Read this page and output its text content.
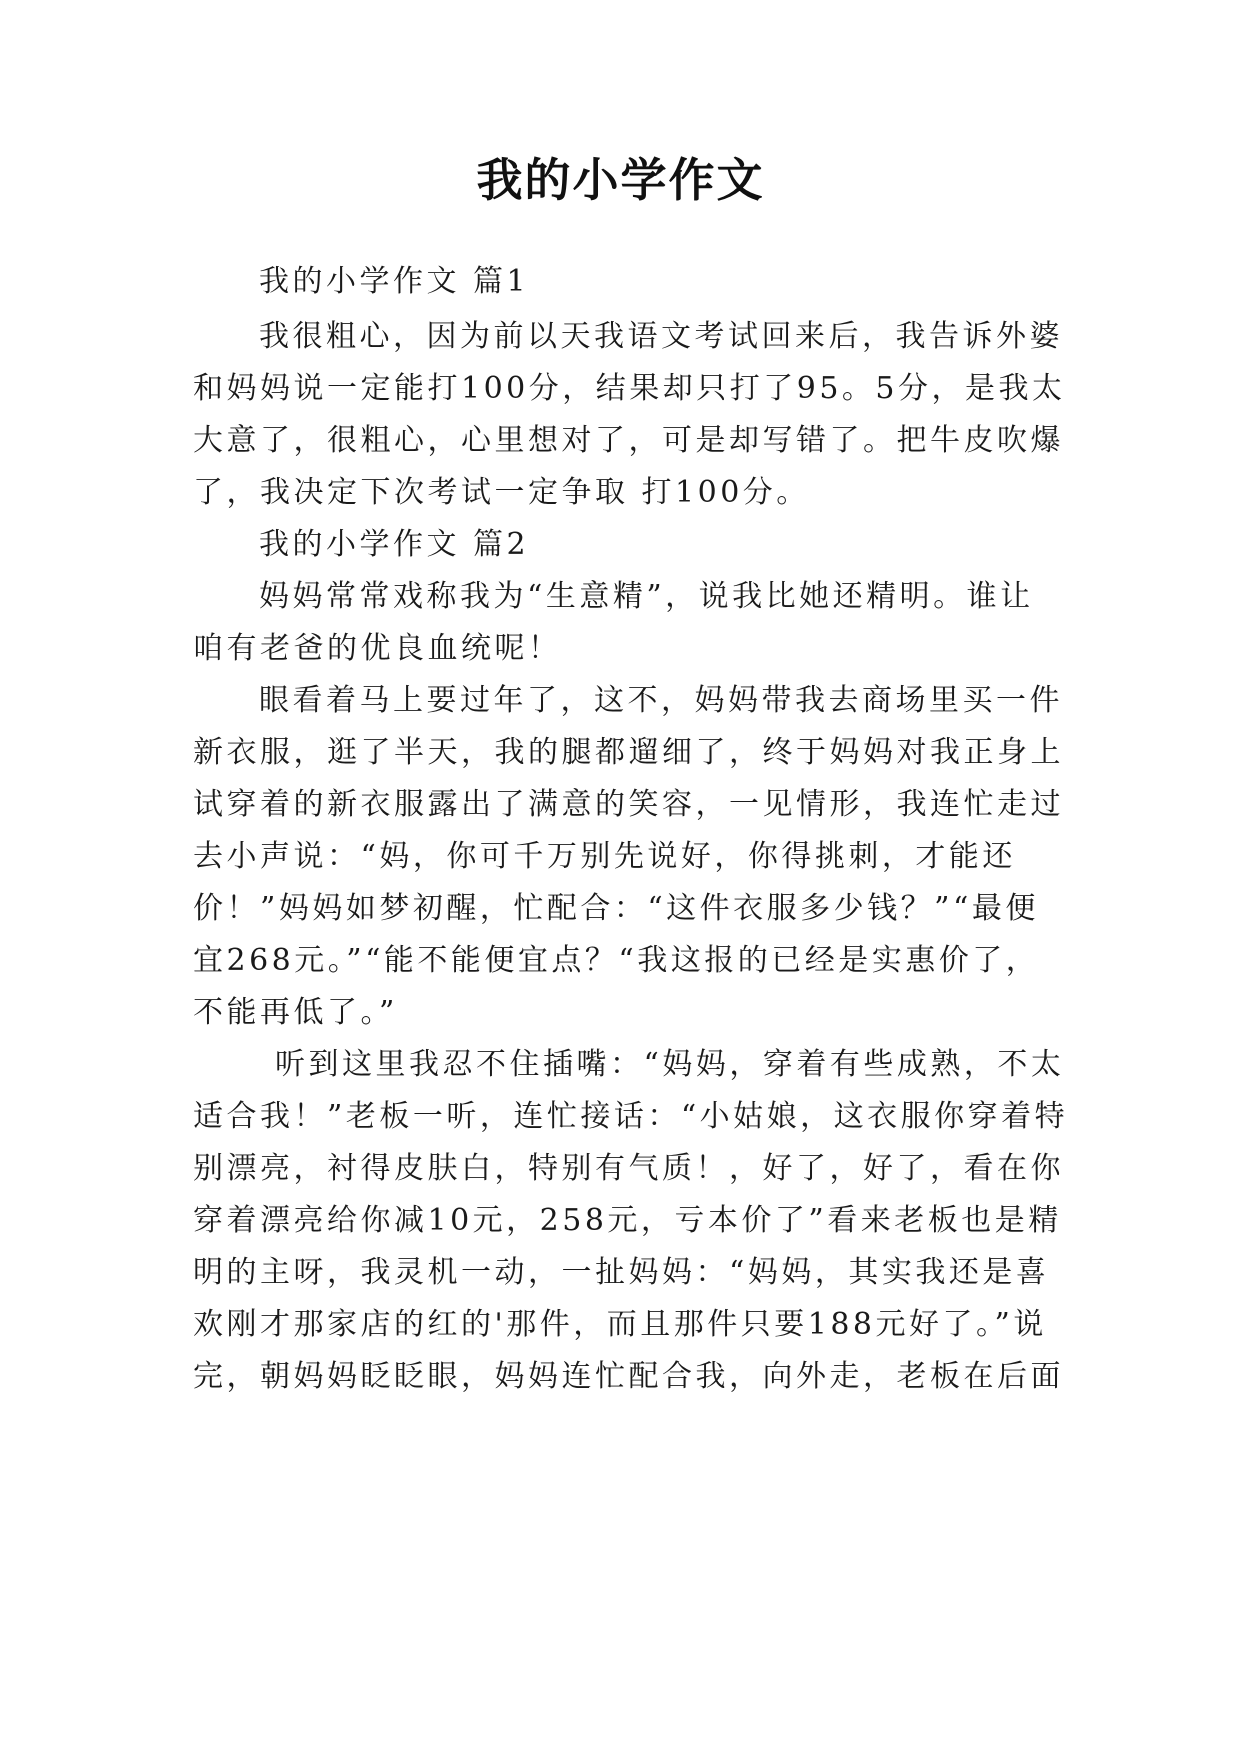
我的小学作文
我的小学作文 篇1
我很粗心，因为前以天我语文考试回来后，我告诉外婆
和妈妈说一定能打100分，结果却只打了95。5分，是我太
大意了，很粗心，心里想对了，可是却写错了。把牛皮吹爆
了，我决定下次考试一定争取 打100分。
我的小学作文 篇2
妈妈常常戏称我为“生意精”，说我比她还精明。谁让
咱有老爸的优良血统呢！
眼看着马上要过年了，这不，妈妈带我去商场里买一件
新衣服，逛了半天，我的腿都遛细了，终于妈妈对我正身上
试穿着的新衣服露出了满意的笑容，一见情形，我连忙走过
去小声说：“妈，你可千万别先说好，你得挑刺，才能还
价！”妈妈如梦初醒，忙配合：“这件衣服多少钱？”“最便
宜268元。”“能不能便宜点？“我这报的已经是实惠价了，
不能再低了。”
听到这里我忍不住插嘴：“妈妈，穿着有些成熟，不太
适合我！”老板一听，连忙接话：“小姑娘，这衣服你穿着特
别漂亮，衬得皮肤白，特别有气质！，好了，好了，看在你
穿着漂亮给你减10元，258元，亏本价了”看来老板也是精
明的主呀，我灵机一动，一扯妈妈：“妈妈，其实我还是喜
欢刚才那家店的红的'那件，而且那件只要188元好了。”说
完，朝妈妈眨眨眼，妈妈连忙配合我，向外走，老板在后面
